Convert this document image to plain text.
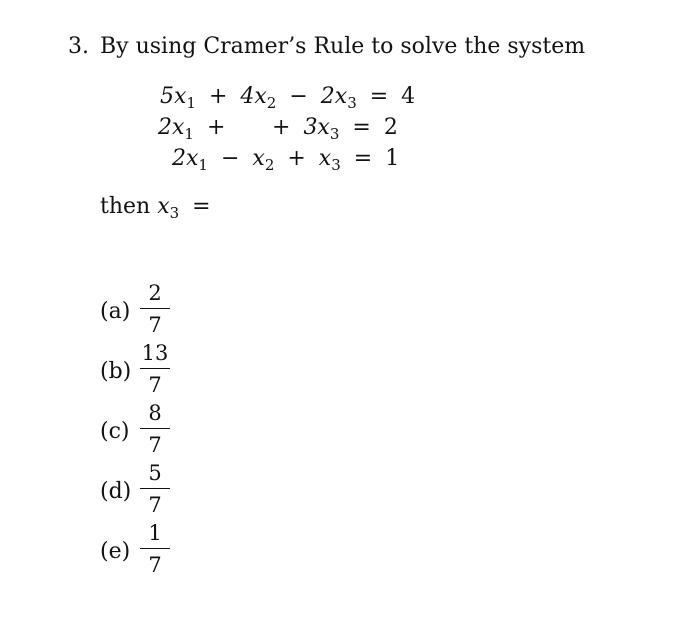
3. By using Cramer’s Rule to solve the system
$5x_1 + 4x_2 - 2x_3 = 4$
$2x_1$ + + $3x_3 = 2$
$2x_1 - x_2 + x_3 = 1$
then $x_3$ =
(a)
2
7
(b)
13
7
(c)
8
7
(d)
5
7
(e)
1
7
